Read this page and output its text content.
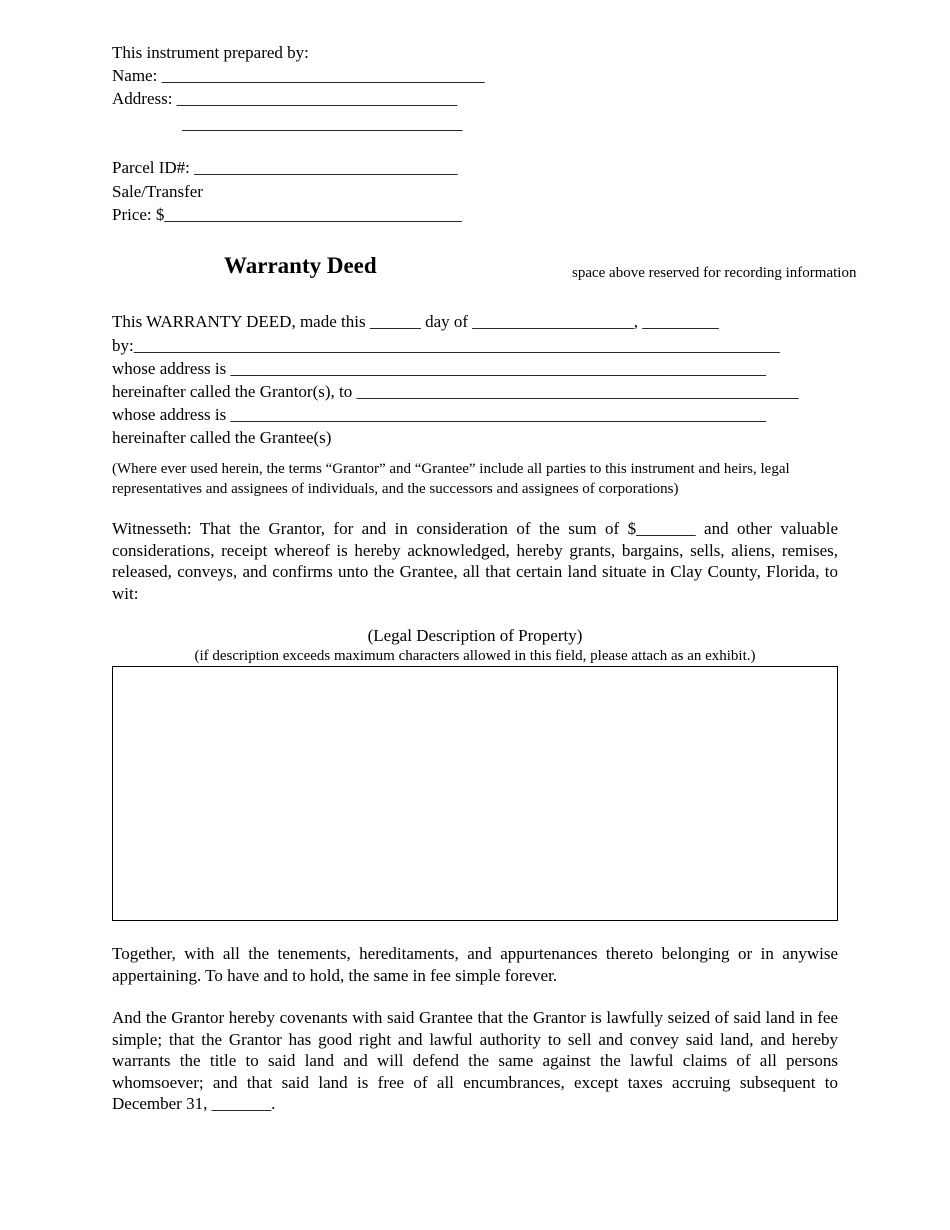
This instrument prepared by:
Name: ______________________________________
Address: _________________________________
_________________________________
Parcel ID#: _______________________________
Sale/Transfer
Price: $___________________________________
Warranty Deed	space above reserved for recording information
This WARRANTY DEED, made this ______ day of ___________________, _________
by:____________________________________________________________________________
whose address is _______________________________________________________________
hereinafter called the Grantor(s), to ____________________________________________________
whose address is _______________________________________________________________
hereinafter called the Grantee(s)
(Where ever used herein, the terms “Grantor” and “Grantee” include all parties to this instrument and heirs, legal representatives and assignees of individuals, and the successors and assignees of corporations)
Witnesseth: That the Grantor, for and in consideration of the sum of $_______ and other valuable considerations, receipt whereof is hereby acknowledged, hereby grants, bargains, sells, aliens, remises, released, conveys, and confirms unto the Grantee, all that certain land situate in Clay County, Florida, to wit:
(Legal Description of Property)
(if description exceeds maximum characters allowed in this field, please attach as an exhibit.)
Together, with all the tenements, hereditaments, and appurtenances thereto belonging or in anywise appertaining. To have and to hold, the same in fee simple forever.
And the Grantor hereby covenants with said Grantee that the Grantor is lawfully seized of said land in fee simple; that the Grantor has good right and lawful authority to sell and convey said land, and hereby warrants the title to said land and will defend the same against the lawful claims of all persons whomsoever; and that said land is free of all encumbrances, except taxes accruing subsequent to December 31, _______.
